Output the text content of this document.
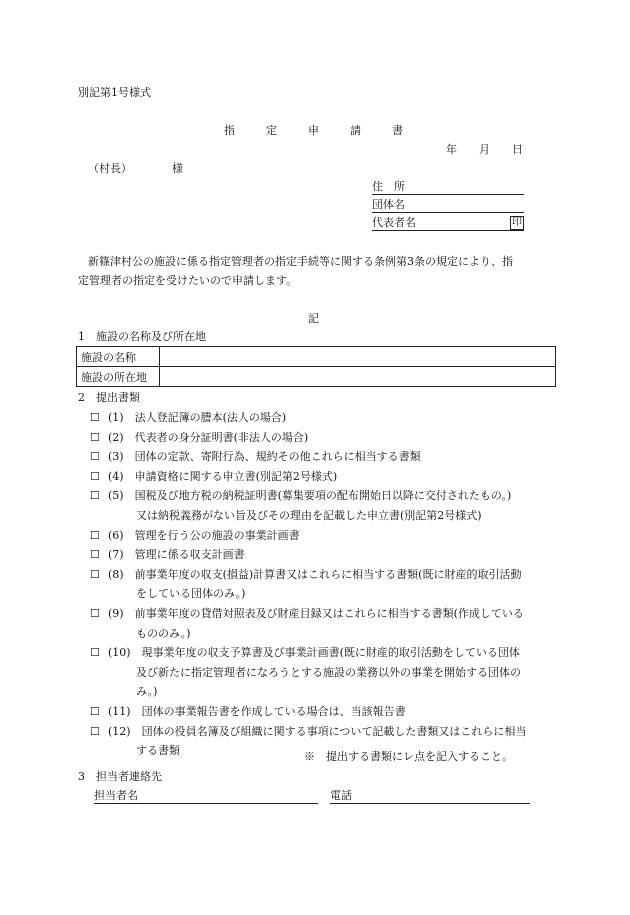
別記第1号様式
指	定	申	請	書
年　　月　　日
（村長）	様
住　所
団体名
代表者名	印
新篠津村公の施設に係る指定管理者の指定手続等に関する条例第3条の規定により、指
定管理者の指定を受けたいので申請します。
記
1　施設の名称及び所在地
施設の名称	
施設の所在地	
2　提出書類
☐ (1)　 法人登記簿の謄本(法人の場合)
☐ (2)　 代表者の身分証明書(非法人の場合)
☐ (3)　 団体の定款、寄附行為、規約その他これらに相当する書類
☐ (4)　 申請資格に関する申立書(別記第2号様式)
☐ (5)　 国税及び地方税の納税証明書(募集要項の配布開始日以降に交付されたもの。)
又は納税義務がない旨及びその理由を記載した申立書(別記第2号様式)
☐ (6)　 管理を行う公の施設の事業計画書
☐ (7)　 管理に係る収支計画書
☐ (8)　 前事業年度の収支(損益)計算書又はこれらに相当する書類(既に財産的取引活動
をしている団体のみ。)
☐ (9)　 前事業年度の貸借対照表及び財産目録又はこれらに相当する書類(作成している
もののみ。)
☐ (10)　 現事業年度の収支予算書及び事業計画書(既に財産的取引活動をしている団体
及び新たに指定管理者になろうとする施設の業務以外の事業を開始する団体の
み。)
☐ (11)　 団体の事業報告書を作成している場合は、当該報告書
☐ (12)　 団体の役員名簿及び組織に関する事項について記載した書類又はこれらに相当
する書類	※　提出する書類にレ点を記入すること。
3　担当者連絡先
担当者名	電話
